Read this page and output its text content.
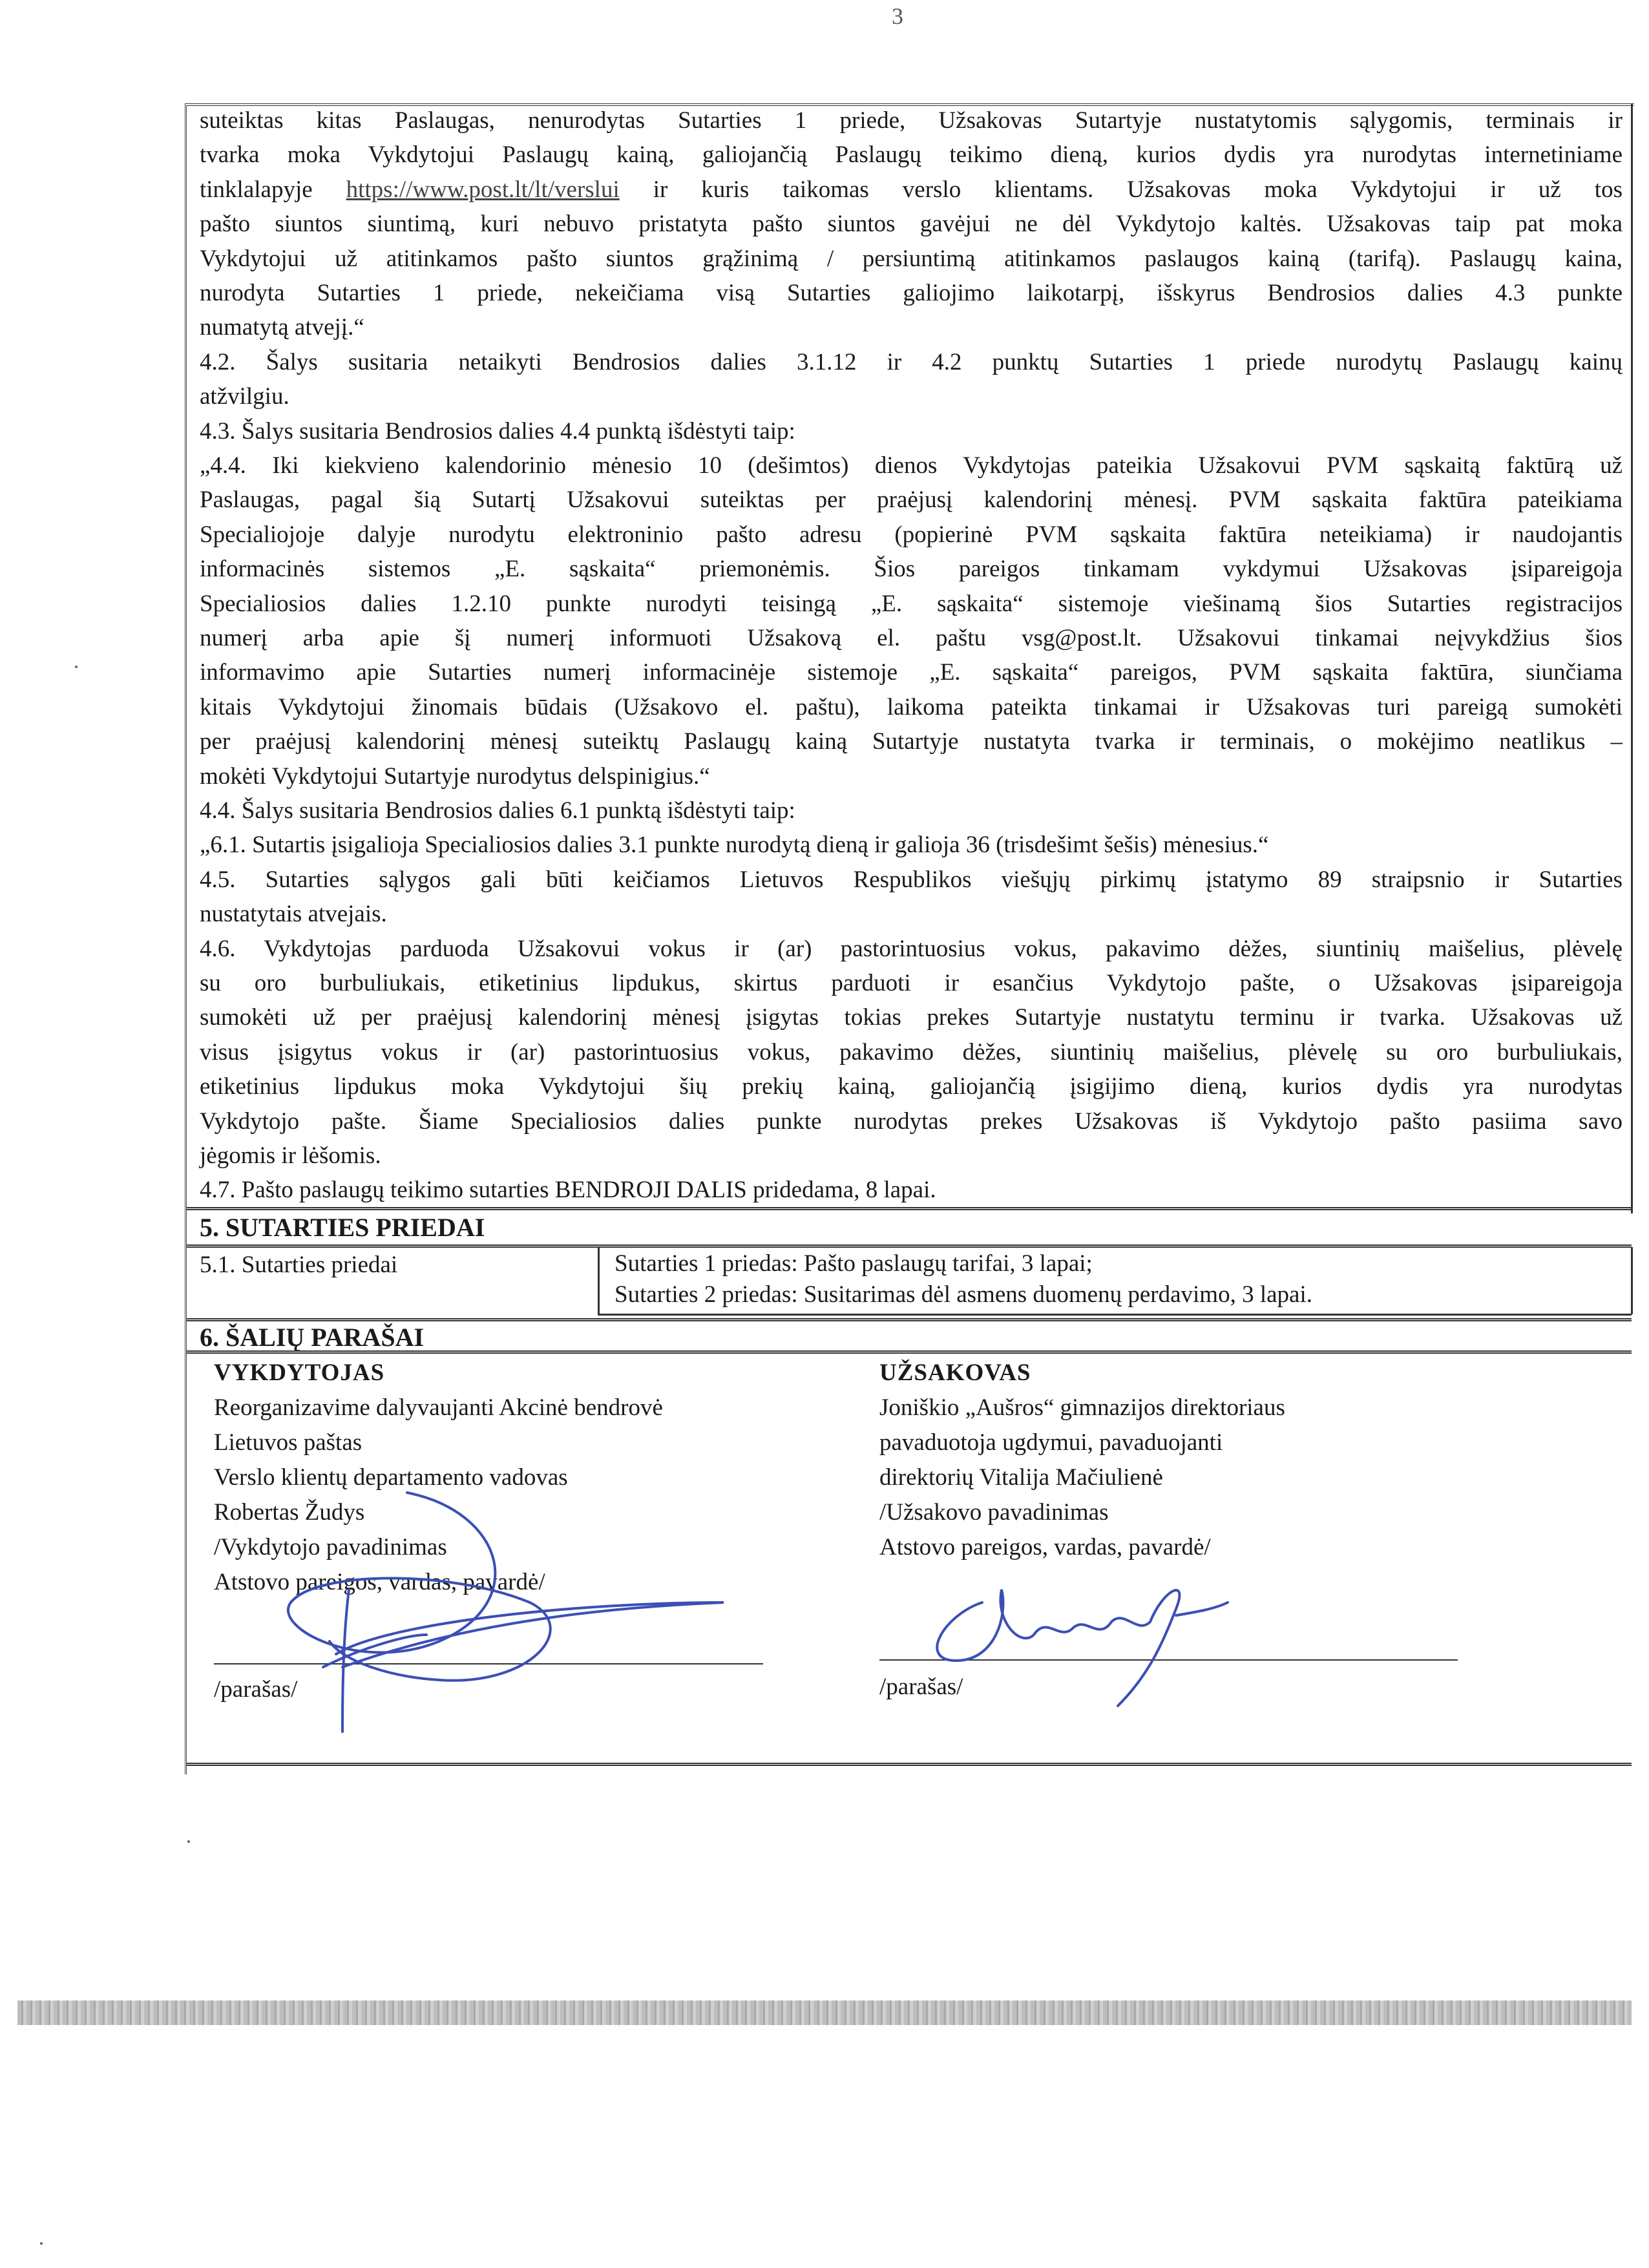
3
suteiktas kitas Paslaugas, nenurodytas Sutarties 1 priede, Užsakovas Sutartyje nustatytomis sąlygomis, terminais ir
tvarka moka Vykdytojui Paslaugų kainą, galiojančią Paslaugų teikimo dieną, kurios dydis yra nurodytas internetiniame
tinklalapyje https://www.post.lt/lt/verslui ir kuris taikomas verslo klientams. Užsakovas moka Vykdytojui ir už tos
pašto siuntos siuntimą, kuri nebuvo pristatyta pašto siuntos gavėjui ne dėl Vykdytojo kaltės. Užsakovas taip pat moka
Vykdytojui už atitinkamos pašto siuntos grąžinimą / persiuntimą atitinkamos paslaugos kainą (tarifą). Paslaugų kaina,
nurodyta Sutarties 1 priede, nekeičiama visą Sutarties galiojimo laikotarpį, išskyrus Bendrosios dalies 4.3 punkte
numatytą atvejį.“
4.2. Šalys susitaria netaikyti Bendrosios dalies 3.1.12 ir 4.2 punktų Sutarties 1 priede nurodytų Paslaugų kainų
atžvilgiu.
4.3. Šalys susitaria Bendrosios dalies 4.4 punktą išdėstyti taip:
„4.4. Iki kiekvieno kalendorinio mėnesio 10 (dešimtos) dienos Vykdytojas pateikia Užsakovui PVM sąskaitą faktūrą už
Paslaugas, pagal šią Sutartį Užsakovui suteiktas per praėjusį kalendorinį mėnesį. PVM sąskaita faktūra pateikiama
Specialiojoje dalyje nurodytu elektroninio pašto adresu (popierinė PVM sąskaita faktūra neteikiama) ir naudojantis
informacinės sistemos „E. sąskaita“ priemonėmis. Šios pareigos tinkamam vykdymui Užsakovas įsipareigoja
Specialiosios dalies 1.2.10 punkte nurodyti teisingą „E. sąskaita“ sistemoje viešinamą šios Sutarties registracijos
numerį arba apie šį numerį informuoti Užsakovą el. paštu vsg@post.lt. Užsakovui tinkamai neįvykdžius šios
informavimo apie Sutarties numerį informacinėje sistemoje „E. sąskaita“ pareigos, PVM sąskaita faktūra, siunčiama
kitais Vykdytojui žinomais būdais (Užsakovo el. paštu), laikoma pateikta tinkamai ir Užsakovas turi pareigą sumokėti
per praėjusį kalendorinį mėnesį suteiktų Paslaugų kainą Sutartyje nustatyta tvarka ir terminais, o mokėjimo neatlikus –
mokėti Vykdytojui Sutartyje nurodytus delspinigius.“
4.4. Šalys susitaria Bendrosios dalies 6.1 punktą išdėstyti taip:
„6.1. Sutartis įsigalioja Specialiosios dalies 3.1 punkte nurodytą dieną ir galioja 36 (trisdešimt šešis) mėnesius.“
4.5. Sutarties sąlygos gali būti keičiamos Lietuvos Respublikos viešųjų pirkimų įstatymo 89 straipsnio ir Sutarties
nustatytais atvejais.
4.6. Vykdytojas parduoda Užsakovui vokus ir (ar) pastorintuosius vokus, pakavimo dėžes, siuntinių maišelius, plėvelę
su oro burbuliukais, etiketinius lipdukus, skirtus parduoti ir esančius Vykdytojo pašte, o Užsakovas įsipareigoja
sumokėti už per praėjusį kalendorinį mėnesį įsigytas tokias prekes Sutartyje nustatytu terminu ir tvarka. Užsakovas už
visus įsigytus vokus ir (ar) pastorintuosius vokus, pakavimo dėžes, siuntinių maišelius, plėvelę su oro burbuliukais,
etiketinius lipdukus moka Vykdytojui šių prekių kainą, galiojančią įsigijimo dieną, kurios dydis yra nurodytas
Vykdytojo pašte. Šiame Specialiosios dalies punkte nurodytas prekes Užsakovas iš Vykdytojo pašto pasiima savo
jėgomis ir lėšomis.
4.7. Pašto paslaugų teikimo sutarties BENDROJI DALIS pridedama, 8 lapai.
5. SUTARTIES PRIEDAI
5.1. Sutarties priedai	Sutarties 1 priedas: Pašto paslaugų tarifai, 3 lapai;
Sutarties 2 priedas: Susitarimas dėl asmens duomenų perdavimo, 3 lapai.
6. ŠALIŲ PARAŠAI
VYKDYTOJAS
Reorganizavime dalyvaujanti Akcinė bendrovė
Lietuvos paštas
Verslo klientų departamento vadovas
Robertas Žudys
/Vykdytojo pavadinimas
Atstovo pareigos, vardas, pavardė/
UŽSAKOVAS
Joniškio „Aušros“ gimnazijos direktoriaus
pavaduotoja ugdymui, pavaduojanti
direktorių Vitalija Mačiulienė
/Užsakovo pavadinimas
Atstovo pareigos, vardas, pavardė/
/parašas/	/parašas/
